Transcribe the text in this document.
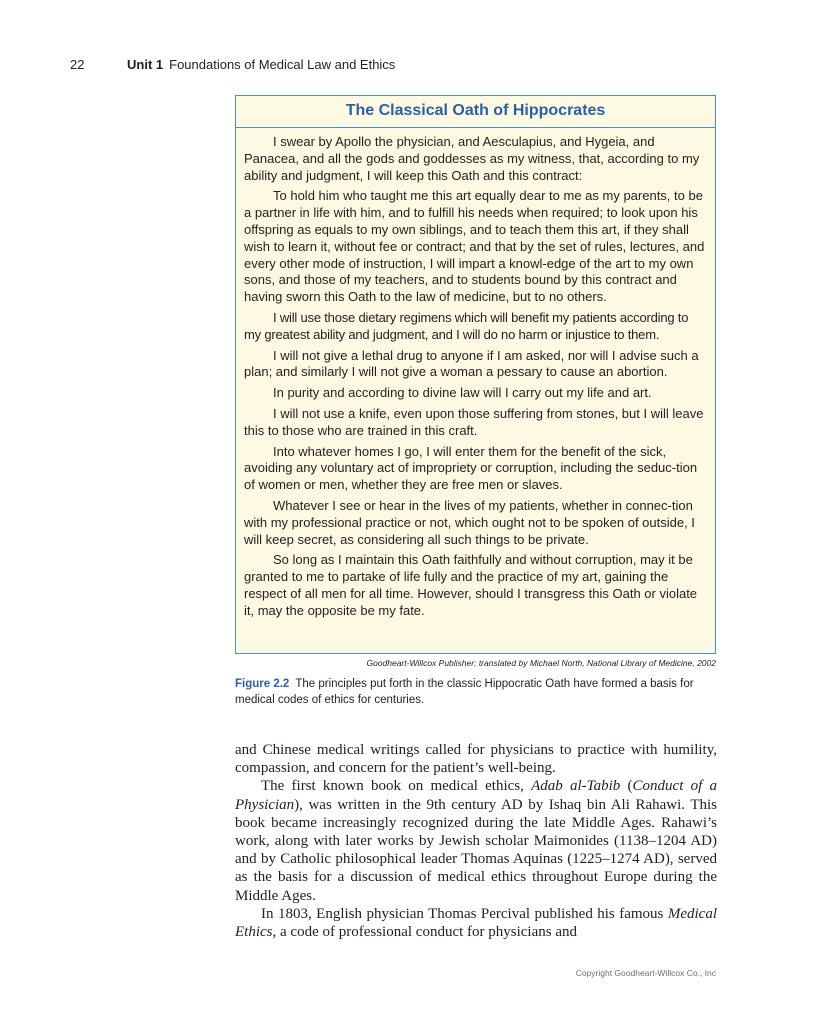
22	Unit 1 Foundations of Medical Law and Ethics
The Classical Oath of Hippocrates

I swear by Apollo the physician, and Aesculapius, and Hygeia, and Panacea, and all the gods and goddesses as my witness, that, according to my ability and judgment, I will keep this Oath and this contract:

To hold him who taught me this art equally dear to me as my parents, to be a partner in life with him, and to fulfill his needs when required; to look upon his offspring as equals to my own siblings, and to teach them this art, if they shall wish to learn it, without fee or contract; and that by the set of rules, lectures, and every other mode of instruction, I will impart a knowl-edge of the art to my own sons, and those of my teachers, and to students bound by this contract and having sworn this Oath to the law of medicine, but to no others.

I will use those dietary regimens which will benefit my patients according to my greatest ability and judgment, and I will do no harm or injustice to them.

I will not give a lethal drug to anyone if I am asked, nor will I advise such a plan; and similarly I will not give a woman a pessary to cause an abortion.

In purity and according to divine law will I carry out my life and art.

I will not use a knife, even upon those suffering from stones, but I will leave this to those who are trained in this craft.

Into whatever homes I go, I will enter them for the benefit of the sick, avoiding any voluntary act of impropriety or corruption, including the seduc-tion of women or men, whether they are free men or slaves.

Whatever I see or hear in the lives of my patients, whether in connec-tion with my professional practice or not, which ought not to be spoken of outside, I will keep secret, as considering all such things to be private.

So long as I maintain this Oath faithfully and without corruption, may it be granted to me to partake of life fully and the practice of my art, gaining the respect of all men for all time. However, should I transgress this Oath or violate it, may the opposite be my fate.

Goodheart-Willcox Publisher; translated by Michael North, National Library of Medicine, 2002
Figure 2.2 The principles put forth in the classic Hippocratic Oath have formed a basis for medical codes of ethics for centuries.

and Chinese medical writings called for physicians to practice with humility, compassion, and concern for the patient’s well-being.

The first known book on medical ethics, Adab al-Tabib (Conduct of a Physician), was written in the 9th century AD by Ishaq bin Ali Rahawi. This book became increasingly recognized during the late Middle Ages. Rahawi’s work, along with later works by Jewish scholar Maimonides (1138–1204 AD) and by Catholic philosophical leader Thomas Aquinas (1225–1274 AD), served as the basis for a discussion of medical ethics throughout Europe during the Middle Ages.

In 1803, English physician Thomas Percival published his famous Medical Ethics, a code of professional conduct for physicians and

Copyright Goodheart-Willcox Co., Inc
